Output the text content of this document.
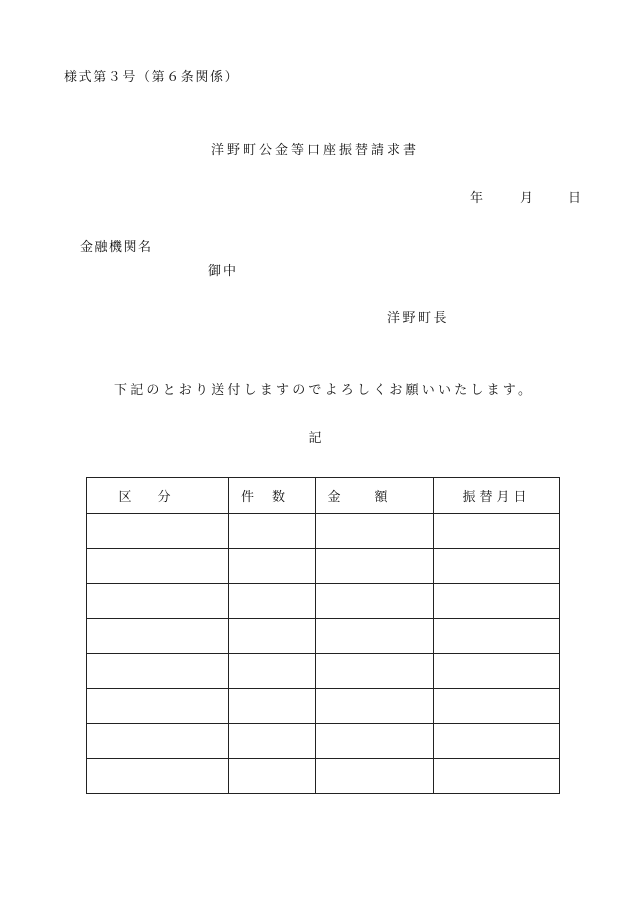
様式第３号（第６条関係）
洋野町公金等口座振替請求書
年	月	日
金融機関名
御中
洋野町長
下記のとおり送付しますのでよろしくお願いいたします。
記
区分	件数	金額	振替月日
